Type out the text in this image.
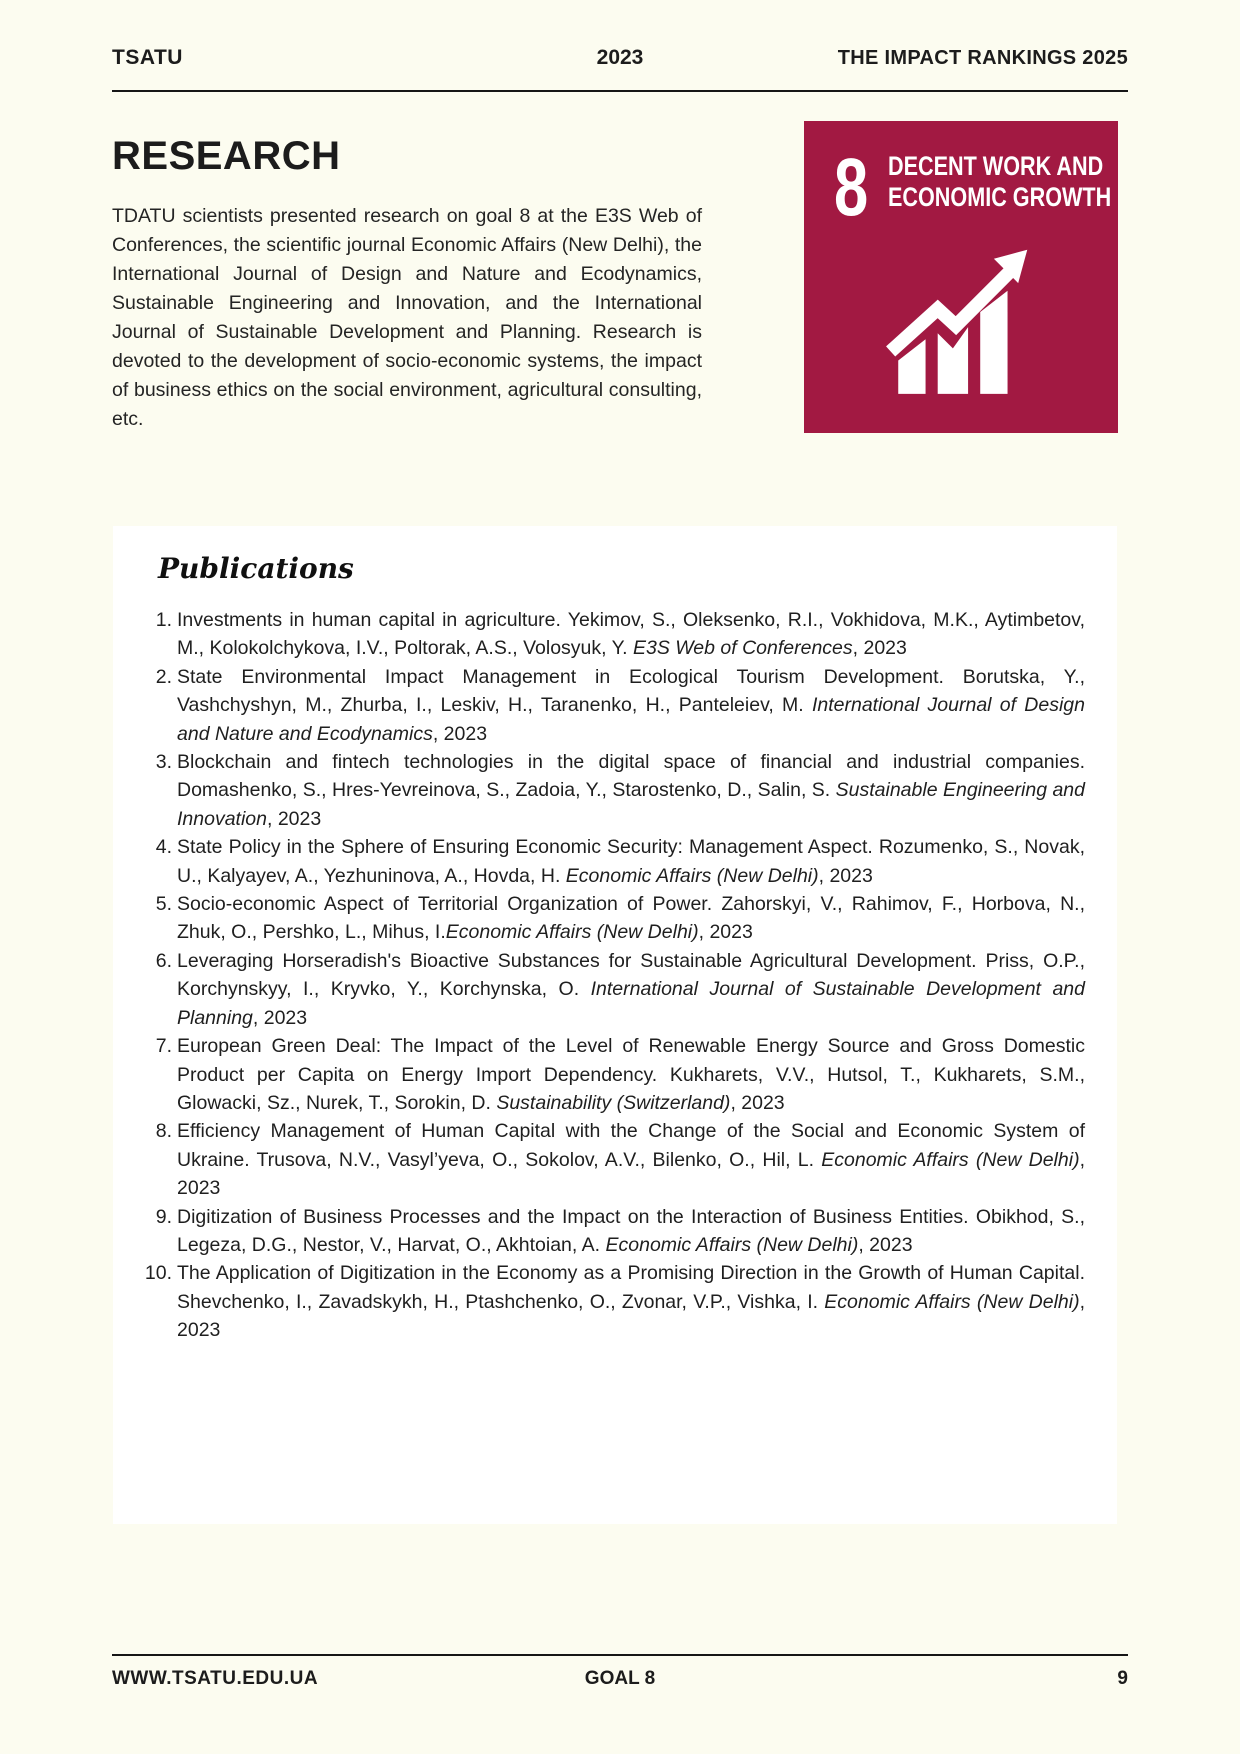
TSATU	2023	THE IMPACT RANKINGS 2025
RESEARCH
TDATU scientists presented research on goal 8 at the E3S Web of Conferences, the scientific journal Economic Affairs (New Delhi), the International Journal of Design and Nature and Ecodynamics, Sustainable Engineering and Innovation, and the International Journal of Sustainable Development and Planning. Research is devoted to the development of socio-economic systems, the impact of business ethics on the social environment, agricultural consulting, etc.
8 DECENT WORK AND
ECONOMIC GROWTH
Publications
1. Investments in human capital in agriculture. Yekimov, S., Oleksenko, R.I., Vokhidova, M.K., Aytimbetov, M., Kolokolchykova, I.V., Poltorak, A.S., Volosyuk, Y. E3S Web of Conferences, 2023
2. State Environmental Impact Management in Ecological Tourism Development. Borutska, Y., Vashchyshyn, M., Zhurba, I., Leskiv, H., Taranenko, H., Panteleiev, M. International Journal of Design and Nature and Ecodynamics, 2023
3. Blockchain and fintech technologies in the digital space of financial and industrial companies. Domashenko, S., Hres-Yevreinova, S., Zadoia, Y., Starostenko, D., Salin, S. Sustainable Engineering and Innovation, 2023
4. State Policy in the Sphere of Ensuring Economic Security: Management Aspect. Rozumenko, S., Novak, U., Kalyayev, A., Yezhuninova, A., Hovda, H. Economic Affairs (New Delhi), 2023
5. Socio-economic Aspect of Territorial Organization of Power. Zahorskyi, V., Rahimov, F., Horbova, N., Zhuk, O., Pershko, L., Mihus, I.Economic Affairs (New Delhi), 2023
6. Leveraging Horseradish's Bioactive Substances for Sustainable Agricultural Development. Priss, O.P., Korchynskyy, I., Kryvko, Y., Korchynska, O. International Journal of Sustainable Development and Planning, 2023
7. European Green Deal: The Impact of the Level of Renewable Energy Source and Gross Domestic Product per Capita on Energy Import Dependency. Kukharets, V.V., Hutsol, T., Kukharets, S.M., Glowacki, Sz., Nurek, T., Sorokin, D. Sustainability (Switzerland), 2023
8. Efficiency Management of Human Capital with the Change of the Social and Economic System of Ukraine. Trusova, N.V., Vasyl’yeva, O., Sokolov, A.V., Bilenko, O., Hil, L. Economic Affairs (New Delhi), 2023
9. Digitization of Business Processes and the Impact on the Interaction of Business Entities. Obikhod, S., Legeza, D.G., Nestor, V., Harvat, O., Akhtoian, A. Economic Affairs (New Delhi), 2023
10. The Application of Digitization in the Economy as a Promising Direction in the Growth of Human Capital. Shevchenko, I., Zavadskykh, H., Ptashchenko, O., Zvonar, V.P., Vishka, I. Economic Affairs (New Delhi), 2023
WWW.TSATU.EDU.UA	GOAL 8	9
